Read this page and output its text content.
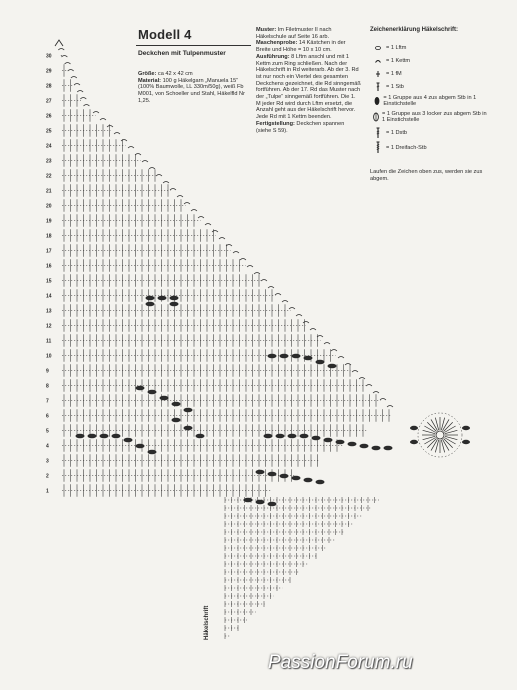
30
29
28
27
26
25
24
23
22
21
20
19
18
17
16
15
14
13
12
11
10
9
8
7
6
5
4
3
2
1
Modell 4
Deckchen mit Tulpenmuster
Größe: ca 42 x 42 cm
Material: 100 g Häkelgarn „Manuela 15“ (100% Baumwolle, LL 330m/50g), weiß Fb M001, von Schoeller und Stahl, Häkelfld Nr 1,25.
Muster: Im Filetmuster II nach Häkelschule auf Seite 16 arb.
Maschenprobe: 14 Kästchen in der Breite und Höhe = 10 x 10 cm.
Ausführung: 8 Lftm anschl und mit 1 Kettm zum Ring schließen. Nach der Häkelschrift in Rd weiterarb. Ab der 3. Rd ist nur noch ein Viertel des gesamten Deckchens gezeichnet, die Rd sinngemäß fortführen. Ab der 17. Rd das Muster nach der „Tulpe“ sinngemäß fortführen. Die 1. M jeder Rd wird durch Lftm ersetzt, die Anzahl geht aus der Häkelschrift hervor. Jede Rd mit 1 Kettm beenden.
Fertigstellung: Deckchen spannen (siehe S 59).
Zeichenerklärung Häkelschrift:
= 1 Lftm
= 1 Kettm
= 1 fM
= 1 Stb
= 1 Gruppe aus 4 zus abgem Stb in 1 Einstichstelle
= 1 Gruppe aus 3 locker zus abgem Stb in 1 Einstichstelle
= 1 Dstb
= 1 Dreifach-Stb
Laufen die Zeichen oben zus, werden sie zus abgem.
Häkelschrift
PassionForum.ru
